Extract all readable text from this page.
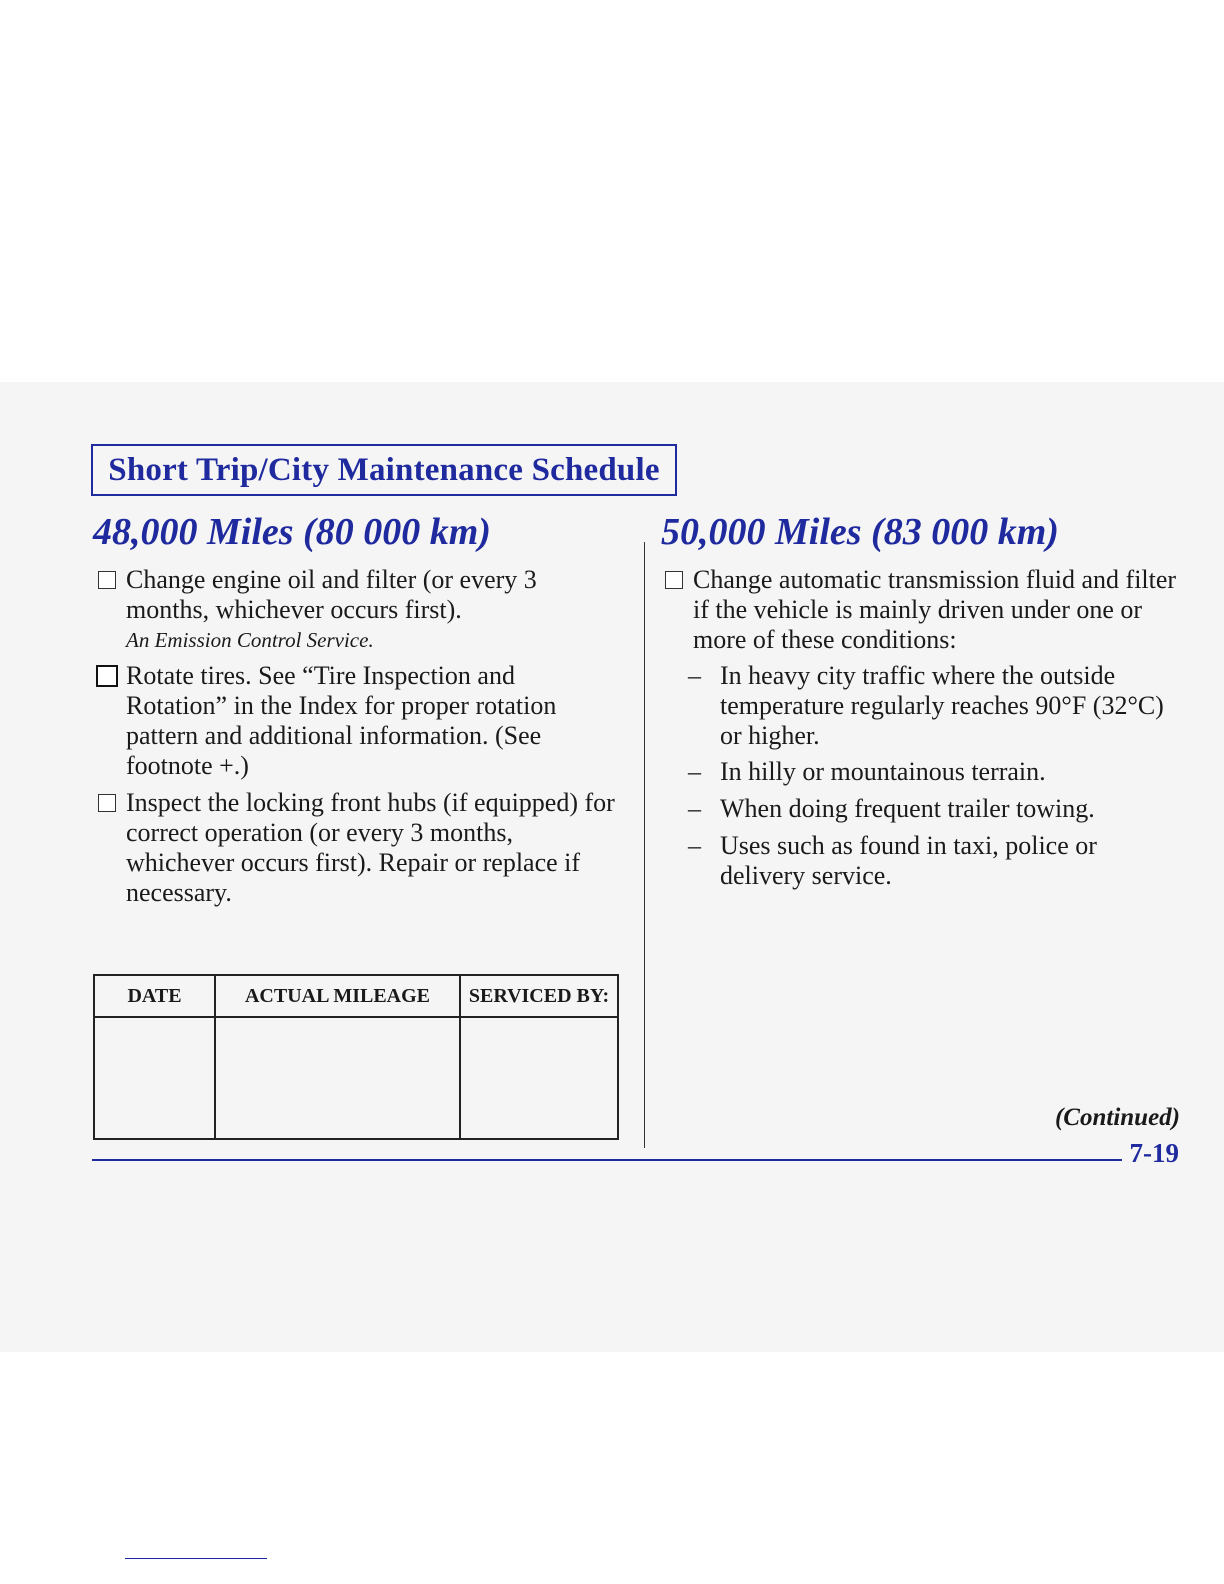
Short Trip/City Maintenance Schedule
48,000 Miles (80 000 km)	50,000 Miles (83 000 km)
Change engine oil and filter (or every 3 months, whichever occurs first).
An Emission Control Service.
Rotate tires. See “Tire Inspection and Rotation” in the Index for proper rotation pattern and additional information. (See footnote +.)
Inspect the locking front hubs (if equipped) for correct operation (or every 3 months, whichever occurs first). Repair or replace if necessary.
DATE	ACTUAL MILEAGE	SERVICED BY:

Change automatic transmission fluid and filter if the vehicle is mainly driven under one or more of these conditions:
– In heavy city traffic where the outside temperature regularly reaches 90°F (32°C) or higher.
– In hilly or mountainous terrain.
– When doing frequent trailer towing.
– Uses such as found in taxi, police or delivery service.
(Continued)
7-19
